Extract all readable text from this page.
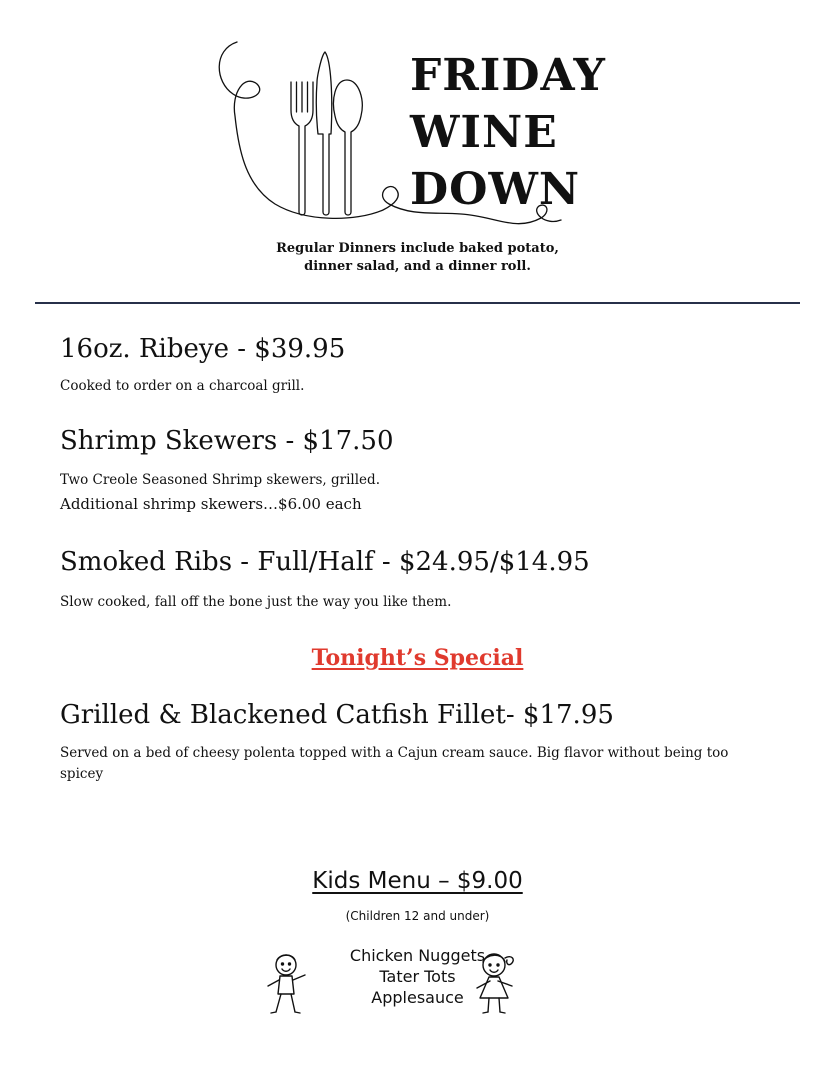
FRIDAY
WINE
DOWN
Regular Dinners include baked potato,
dinner salad, and a dinner roll.
16oz. Ribeye - $39.95
Cooked to order on a charcoal grill.
Shrimp Skewers - $17.50
Two Creole Seasoned Shrimp skewers, grilled.
Additional shrimp skewers…$6.00 each
Smoked Ribs - Full/Half - $24.95/$14.95
Slow cooked, fall off the bone just the way you like them.
Tonight’s Special
Grilled & Blackened Catfish Fillet- $17.95
Served on a bed of cheesy polenta topped with a Cajun cream sauce. Big flavor without being too spicey
Kids Menu – $9.00
(Children 12 and under)
Chicken Nuggets
Tater Tots
Applesauce
